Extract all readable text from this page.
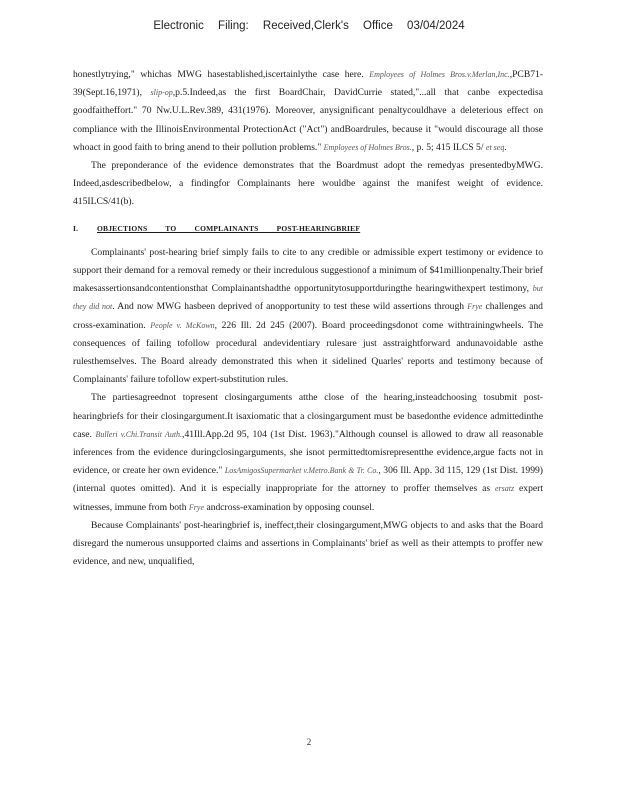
Electronic Filing: Received,Clerk's Office 03/04/2024

honestlytrying," whichas MWG hasestablished,iscertainlythe case here. Employees of Holmes Bros.v.Merlan,Inc.,PCB71-39(Sept.16,1971), slip-op,p.5.Indeed,as the first BoardChair, DavidCurrie stated,"...all that canbe expectedisa goodfaitheffort." 70 Nw.U.L.Rev.389, 431(1976). Moreover, anysignificant penaltycouldhave a deleterious effect on compliance with the IllinoisEnvironmental ProtectionAct ("Act") andBoardrules, because it "would discourage all those whoact in good faith to bring anend to their pollution problems." Employees of Holmes Bros., p. 5; 415 ILCS 5/ et seq.

The preponderance of the evidence demonstrates that the Boardmust adopt the remedyas presentedbyMWG. Indeed,asdescribedbelow, a findingfor Complainants here wouldbe against the manifest weight of evidence. 415ILCS/41(b).

I.	OBJECTIONS TO COMPLAINANTS POST-HEARINGBRIEF

Complainants' post-hearing brief simply fails to cite to any credible or admissible expert testimony or evidence to support their demand for a removal remedy or their incredulous suggestionof a minimum of $41millionpenalty.Their brief makesassertionsandcontentionsthat Complainantshadthe opportunitytosupportduringthe hearingwithexpert testimony, but they did not. And now MWG hasbeen deprived of anopportunity to test these wild assertions through Frye challenges and cross-examination. People v. McKown, 226 Ill. 2d 245 (2007). Board proceedingsdonot come withtrainingwheels. The consequences of failing tofollow procedural andevidentiary rulesare just asstraightforward andunavoidable asthe rulesthemselves. The Board already demonstrated this when it sidelined Quarles' reports and testimony because of Complainants' failure tofollow expert-substitution rules.

The partiesagreednot topresent closingarguments atthe close of the hearing,insteadchoosing tosubmit post-hearingbriefs for their closingargument.It isaxiomatic that a closingargument must be basedonthe evidence admittedinthe case. Bulleri v.Chi.Transit Auth.,41Ill.App.2d 95, 104 (1st Dist. 1963)."Although counsel is allowed to draw all reasonable inferences from the evidence duringclosingarguments, she isnot permittedtomisrepresentthe evidence,argue facts not in evidence, or create her own evidence." LosAmigosSupermarket v.Metro.Bank & Tr. Co., 306 Ill. App. 3d 115, 129 (1st Dist. 1999) (internal quotes omitted). And it is especially inappropriate for the attorney to proffer themselves as ersatz expert witnesses, immune from both Frye andcross-examination by opposing counsel.

Because Complainants' post-hearingbrief is, ineffect,their closingargument,MWG objects to and asks that the Board disregard the numerous unsupported claims and assertions in Complainants' brief as well as their attempts to proffer new evidence, and new, unqualified,

2
